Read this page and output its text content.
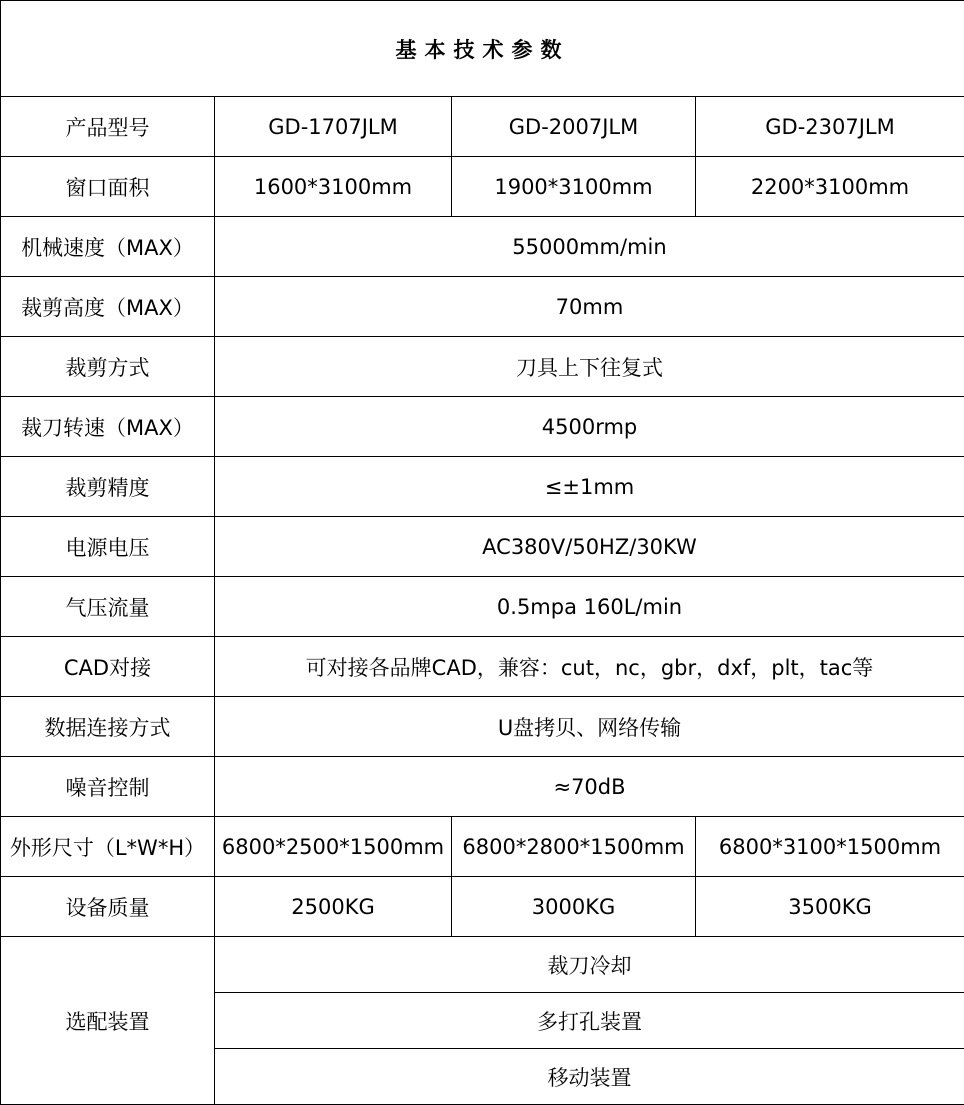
基本技术参数			
产品型号	GD-1707JLM	GD-2007JLM	GD-2307JLM
窗口面积	1600*3100mm	1900*3100mm	2200*3100mm
机械速度（MAX）	55000mm/min		
裁剪高度（MAX）	70mm		
裁剪方式	刀具上下往复式		
裁刀转速（MAX）	4500rmp		
裁剪精度	≤±1mm		
电源电压	AC380V/50HZ/30KW		
气压流量	0.5mpa 160L/min		
CAD对接	可对接各品牌CAD，兼容：cut，nc，gbr，dxf，plt，tac等		
数据连接方式	U盘拷贝、网络传输		
噪音控制	≈70dB		
外形尺寸（L*W*H）	6800*2500*1500mm	6800*2800*1500mm	6800*3100*1500mm
设备质量	2500KG	3000KG	3500KG
选配装置	裁刀冷却		
	多打孔装置		
	移动装置		
